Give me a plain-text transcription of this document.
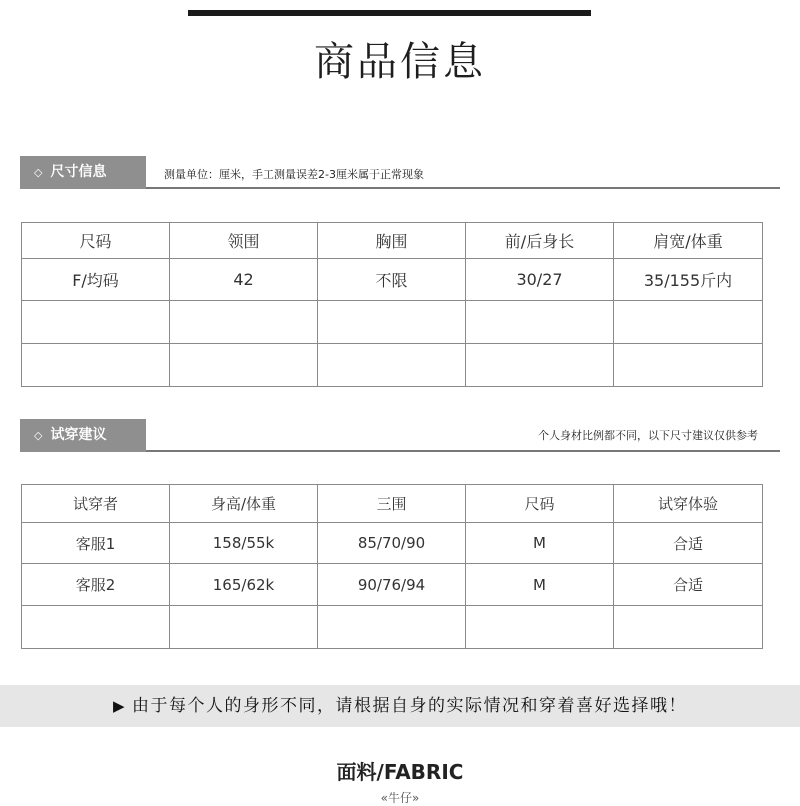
商品信息
◇ 尺寸信息	测量单位：厘米，手工测量误差2-3厘米属于正常现象
尺码	领围	胸围	前/后身长	肩宽/体重
F/均码	42	不限	30/27	35/155斤内

◇ 试穿建议	个人身材比例都不同，以下尺寸建议仅供参考
试穿者	身高/体重	三围	尺码	试穿体验
客服1	158/55k	85/70/90	M	合适
客服2	165/62k	90/76/94	M	合适

▶ 由于每个人的身形不同，请根据自身的实际情况和穿着喜好选择哦！
面料/FABRIC
«牛仔»
